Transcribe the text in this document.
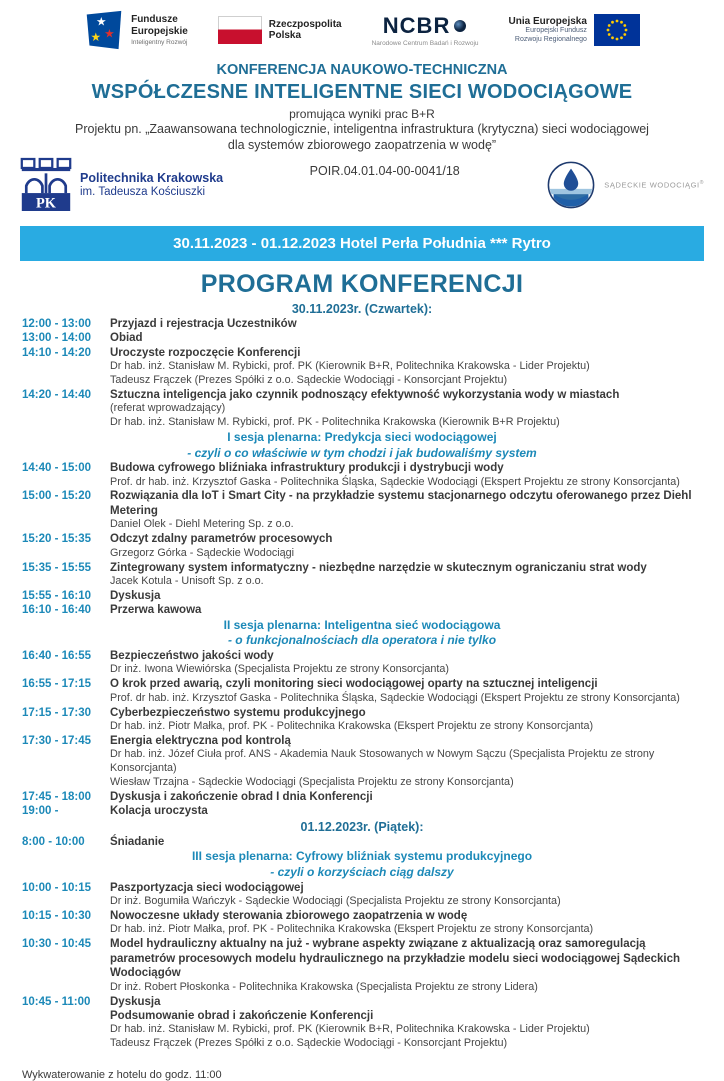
★
★ ★
Fundusze
Europejskie
Inteligentny Rozwój
Rzeczpospolita
Polska	NCBR
Narodowe Centrum Badań i Rozwoju
Unia Europejska
Europejski Fundusz
Rozwoju Regionalnego
KONFERENCJA NAUKOWO-TECHNICZNA
WSPÓŁCZESNE INTELIGENTNE SIECI WODOCIĄGOWE
promująca wyniki prac B+R
Projektu pn. „Zaawansowana technologicznie, inteligentna infrastruktura (krytyczna) sieci wodociągowej
dla systemów zbiorowego zaopatrzenia w wodę”
PK
Politechnika Krakowska
im. Tadeusza Kościuszki
POIR.04.01.04-00-0041/18
SĄDECKIE WODOCIĄGI®
30.11.2023 - 01.12.2023 Hotel Perła Południa *** Rytro
PROGRAM KONFERENCJI
30.11.2023r. (Czwartek):
12:00 - 13:00	Przyjazd i rejestracja Uczestników
13:00 - 14:00	Obiad
14:10 - 14:20	Uroczyste rozpoczęcie Konferencji
Dr hab. inż. Stanisław M. Rybicki, prof. PK (Kierownik B+R, Politechnika Krakowska - Lider Projektu)
Tadeusz Frączek (Prezes Spółki z o.o. Sądeckie Wodociągi - Konsorcjant Projektu)
14:20 - 14:40	Sztuczna inteligencja jako czynnik podnoszący efektywność wykorzystania wody w miastach
(referat wprowadzający)
Dr hab. inż. Stanisław M. Rybicki, prof. PK - Politechnika Krakowska (Kierownik B+R Projektu)
I sesja plenarna: Predykcja sieci wodociągowej
- czyli o co właściwie w tym chodzi i jak budowaliśmy system
14:40 - 15:00	Budowa cyfrowego bliźniaka infrastruktury produkcji i dystrybucji wody
Prof. dr hab. inż. Krzysztof Gaska - Politechnika Śląska, Sądeckie Wodociągi (Ekspert Projektu ze strony Konsorcjanta)
15:00 - 15:20	Rozwiązania dla IoT i Smart City - na przykładzie systemu stacjonarnego odczytu oferowanego przez Diehl Metering
Daniel Olek - Diehl Metering Sp. z o.o.
15:20 - 15:35	Odczyt zdalny parametrów procesowych
Grzegorz Górka - Sądeckie Wodociągi
15:35 - 15:55	Zintegrowany system informatyczny - niezbędne narzędzie w skutecznym ograniczaniu strat wody
Jacek Kotula - Unisoft Sp. z o.o.
15:55 - 16:10	Dyskusja
16:10 - 16:40	Przerwa kawowa
II sesja plenarna: Inteligentna sieć wodociągowa
- o funkcjonalnościach dla operatora i nie tylko
16:40 - 16:55	Bezpieczeństwo jakości wody
Dr inż. Iwona Wiewiórska (Specjalista Projektu ze strony Konsorcjanta)
16:55 - 17:15	O krok przed awarią, czyli monitoring sieci wodociągowej oparty na sztucznej inteligencji
Prof. dr hab. inż. Krzysztof Gaska - Politechnika Śląska, Sądeckie Wodociągi (Ekspert Projektu ze strony Konsorcjanta)
17:15 - 17:30	Cyberbezpieczeństwo systemu produkcyjnego
Dr hab. inż. Piotr Małka, prof. PK - Politechnika Krakowska (Ekspert Projektu ze strony Konsorcjanta)
17:30 - 17:45	Energia elektryczna pod kontrolą
Dr hab. inż. Józef Ciuła prof. ANS - Akademia Nauk Stosowanych w Nowym Sączu (Specjalista Projektu ze strony Konsorcjanta)
Wiesław Trzajna - Sądeckie Wodociągi (Specjalista Projektu ze strony Konsorcjanta)
17:45 - 18:00	Dyskusja i zakończenie obrad I dnia Konferencji
19:00 -	Kolacja uroczysta
01.12.2023r. (Piątek):
8:00 - 10:00	Śniadanie
III sesja plenarna: Cyfrowy bliźniak systemu produkcyjnego
- czyli o korzyściach ciąg dalszy
10:00 - 10:15	Paszportyzacja sieci wodociągowej
Dr inż. Bogumiła Wańczyk - Sądeckie Wodociągi (Specjalista Projektu ze strony Konsorcjanta)
10:15 - 10:30	Nowoczesne układy sterowania zbiorowego zaopatrzenia w wodę
Dr hab. inż. Piotr Małka, prof. PK - Politechnika Krakowska (Ekspert Projektu ze strony Konsorcjanta)
10:30 - 10:45	Model hydrauliczny aktualny na już - wybrane aspekty związane z aktualizacją oraz samoregulacją parametrów procesowych modelu hydraulicznego na przykładzie modelu sieci wodociągowej Sądeckich Wodociągów
Dr inż. Robert Płoskonka - Politechnika Krakowska (Specjalista Projektu ze strony Lidera)
10:45 - 11:00	Dyskusja
Podsumowanie obrad i zakończenie Konferencji
Dr hab. inż. Stanisław M. Rybicki, prof. PK (Kierownik B+R, Politechnika Krakowska - Lider Projektu)
Tadeusz Frączek (Prezes Spółki z o.o. Sądeckie Wodociągi - Konsorcjant Projektu)
Wykwaterowanie z hotelu do godz. 11:00
